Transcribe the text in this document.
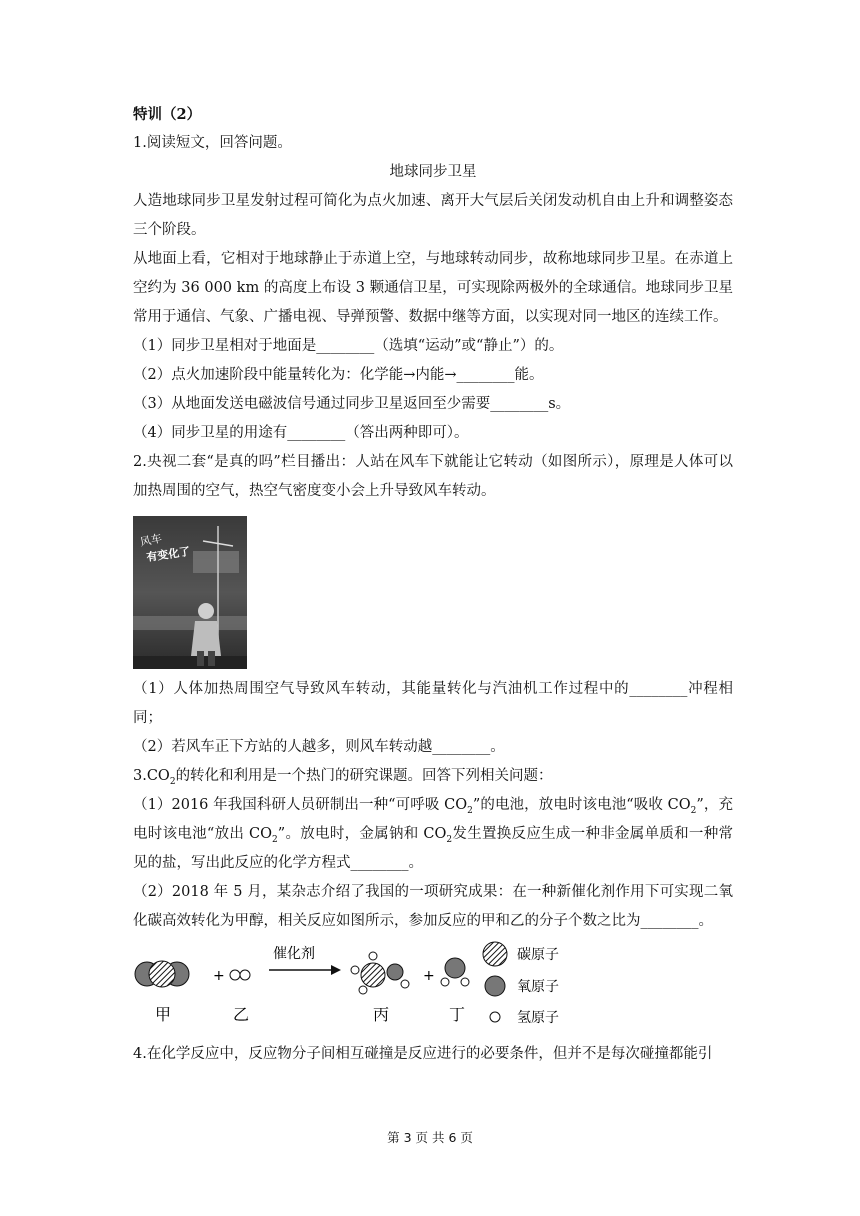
特训（2）

1.阅读短文，回答问题。

地球同步卫星

人造地球同步卫星发射过程可简化为点火加速、离开大气层后关闭发动机自由上升和调整姿态三个阶段。

从地面上看，它相对于地球静止于赤道上空，与地球转动同步，故称地球同步卫星。在赤道上空约为 36 000 km 的高度上布设 3 颗通信卫星，可实现除两极外的全球通信。地球同步卫星常用于通信、气象、广播电视、导弹预警、数据中继等方面，以实现对同一地区的连续工作。

（1）同步卫星相对于地面是________（选填“运动”或“静止”）的。

（2）点火加速阶段中能量转化为：化学能→内能→________能。

（3）从地面发送电磁波信号通过同步卫星返回至少需要________s。

（4）同步卫星的用途有________（答出两种即可）。

2.央视二套“是真的吗”栏目播出：人站在风车下就能让它转动（如图所示），原理是人体可以加热周围的空气，热空气密度变小会上升导致风车转动。

风车
有变化了

（1）人体加热周围空气导致风车转动，其能量转化与汽油机工作过程中的________冲程相同；

（2）若风车正下方站的人越多，则风车转动越________。

$3.CO_2$的转化和利用是一个热门的研究课题。回答下列相关问题：

（1）2016 年我国科研人员研制出一种“可呼吸 $CO_2$”的电池，放电时该电池“吸收 $CO_2$”，充电时该电池“放出 $CO_2$”。放电时，金属钠和 $CO_2$发生置换反应生成一种非金属单质和一种常见的盐，写出此反应的化学方程式________。

（2）2018 年 5 月，某杂志介绍了我国的一项研究成果：在一种新催化剂作用下可实现二氧化碳高效转化为甲醇，相关反应如图所示，参加反应的甲和乙的分子个数之比为________。

甲
+
乙
催化剂
丙
+
丁
碳原子
氧原子
氢原子

4.在化学反应中，反应物分子间相互碰撞是反应进行的必要条件，但并不是每次碰撞都能引

第 3 页 共 6 页
